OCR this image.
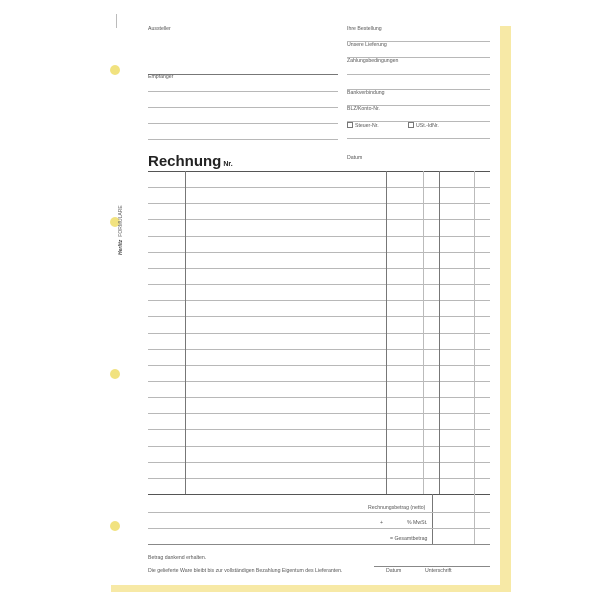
HerlitzFORMULARE
Aussteller
Empfänger
Ihre Bestellung
Unsere Lieferung
Zahlungsbedingungen
Bankverbindung
BLZ/Konto-Nr.
Steuer-Nr.	USt.-IdNr.
Datum
Rechnung Nr.
Rechnungsbetrag (netto)
+	% MwSt.
= Gesamtbetrag
Betrag dankend erhalten.
Die gelieferte Ware bleibt bis zur vollständigen Bezahlung Eigentum des Lieferanten.	Datum	Unterschrift
